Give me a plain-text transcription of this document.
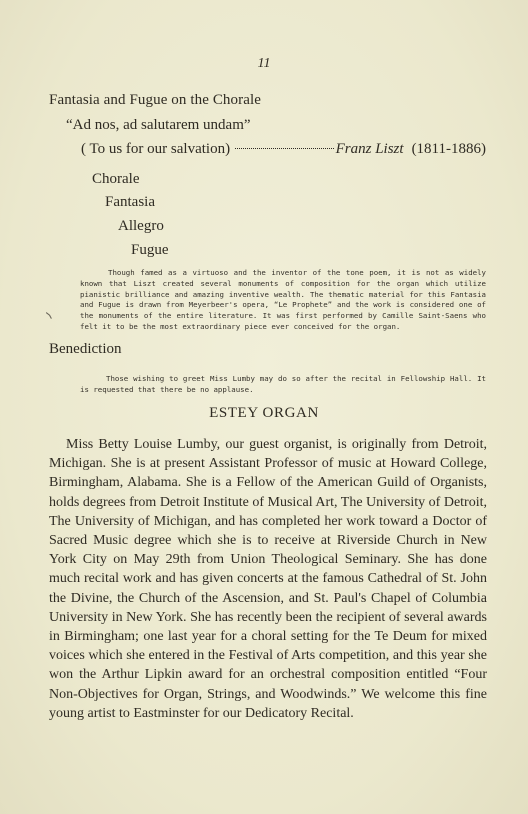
11

Fantasia and Fugue on the Chorale

“Ad nos, ad salutarem undam”

( To us for our salvation)	Franz Liszt (1811-1886)

Chorale

Fantasia

Allegro

Fugue

Though famed as a virtuoso and the inventor of the tone poem, it is not as widely known that Liszt created several monuments of composition for the organ which utilize pianistic brilliance and amazing inventive wealth. The thematic material for this Fantasia and Fugue is drawn from Meyerbeer's opera, “Le Prophete” and the work is considered one of the monuments of the entire literature. It was first performed by Camille Saint-Saens who felt it to be the most extraordinary piece ever conceived for the organ.

Benediction

Those wishing to greet Miss Lumby may do so after the recital in Fellowship Hall. It is requested that there be no applause.

ESTEY ORGAN

Miss Betty Louise Lumby, our guest organist, is originally from Detroit, Michigan. She is at present Assistant Professor of music at Howard College, Birmingham, Alabama. She is a Fellow of the American Guild of Organists, holds degrees from Detroit Institute of Musical Art, The University of Detroit, The University of Michigan, and has completed her work toward a Doctor of Sacred Music degree which she is to receive at Riverside Church in New York City on May 29th from Union Theological Seminary. She has done much recital work and has given concerts at the famous Cathedral of St. John the Divine, the Church of the Ascension, and St. Paul's Chapel of Columbia University in New York. She has recently been the recipient of several awards in Birmingham; one last year for a choral setting for the Te Deum for mixed voices which she entered in the Festival of Arts competition, and this year she won the Arthur Lipkin award for an orchestral composition entitled “Four Non-Objectives for Organ, Strings, and Woodwinds.” We welcome this fine young artist to Eastminster for our Dedicatory Recital.
